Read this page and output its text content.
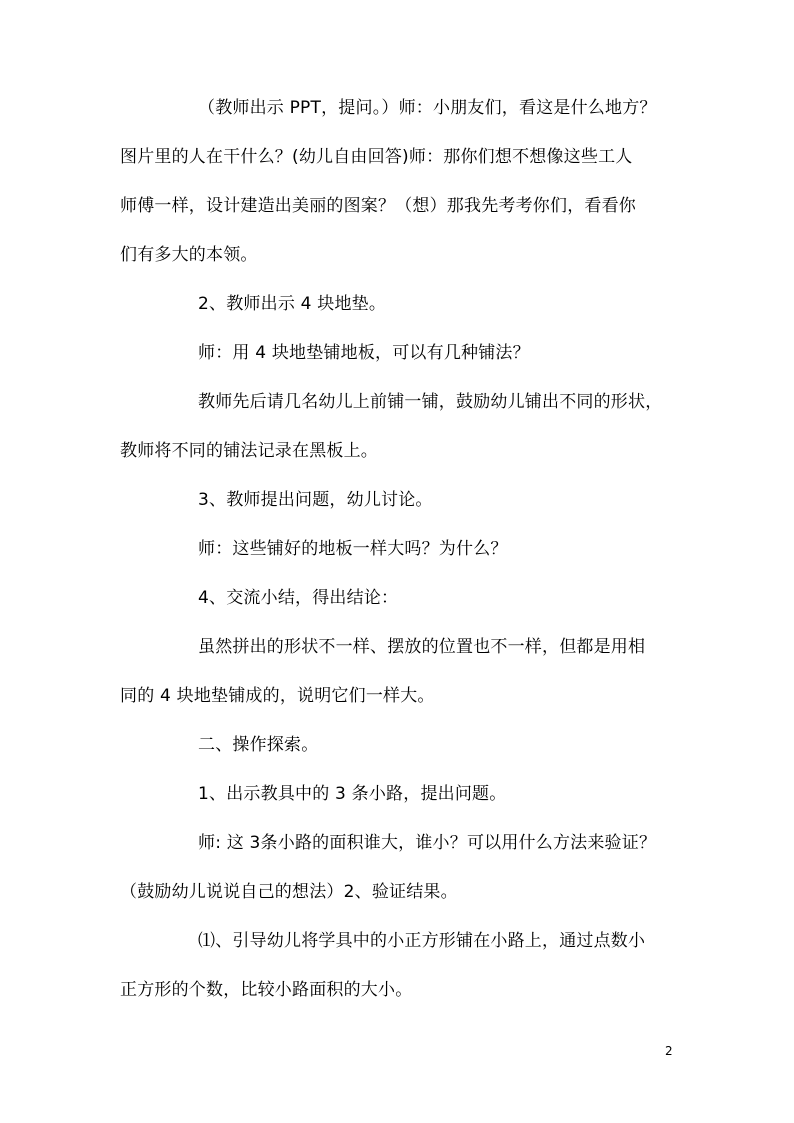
（教师出示 PPT，提问。）师：小朋友们，看这是什么地方？
图片里的人在干什么？(幼儿自由回答)师：那你们想不想像这些工人
师傅一样，设计建造出美丽的图案？（想）那我先考考你们，看看你
们有多大的本领。
2、教师出示 4 块地垫。
师：用 4 块地垫铺地板，可以有几种铺法？
教师先后请几名幼儿上前铺一铺，鼓励幼儿铺出不同的形状，
教师将不同的铺法记录在黑板上。
3、教师提出问题，幼儿讨论。
师：这些铺好的地板一样大吗？为什么？
4、交流小结，得出结论：
虽然拼出的形状不一样、摆放的位置也不一样，但都是用相
同的 4 块地垫铺成的，说明它们一样大。
二、操作探索。
1、出示教具中的 3 条小路，提出问题。
师: 这 3条小路的面积谁大，谁小？可以用什么方法来验证？
（鼓励幼儿说说自己的想法）2、验证结果。
⑴、引导幼儿将学具中的小正方形铺在小路上，通过点数小
正方形的个数，比较小路面积的大小。
2
